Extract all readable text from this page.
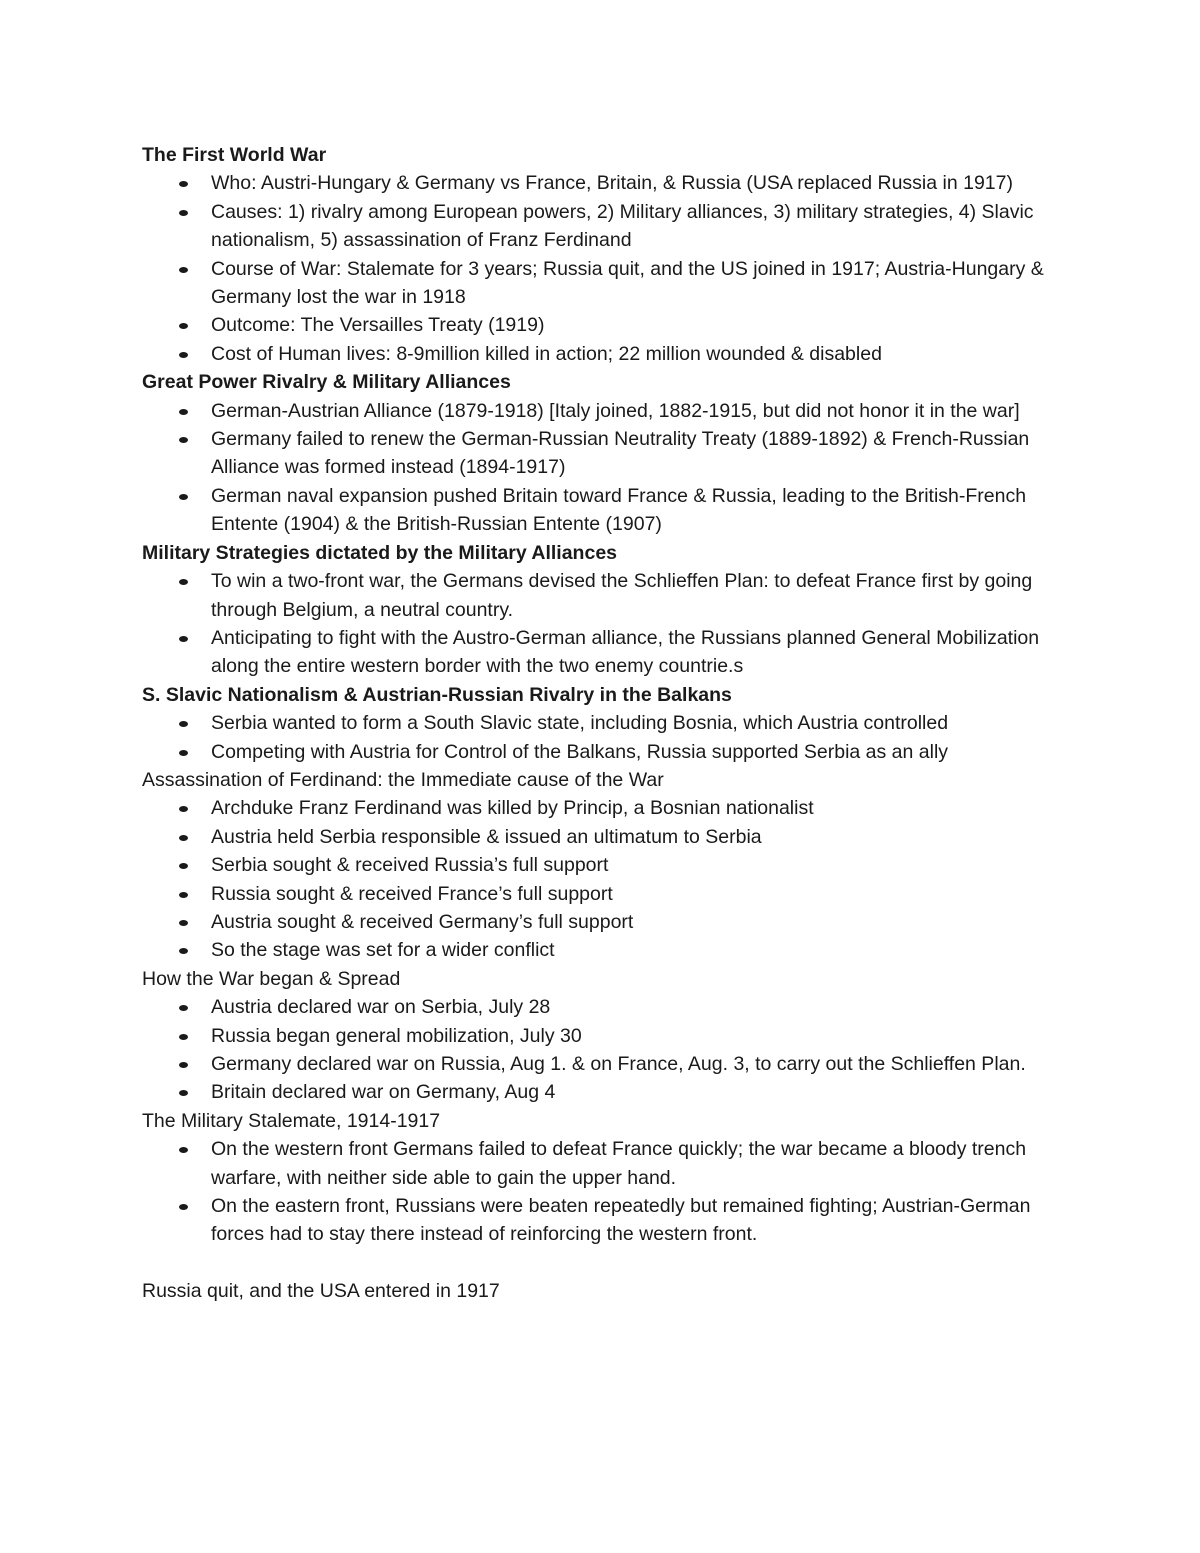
The First World War

Who: Austri-Hungary & Germany vs France, Britain, & Russia (USA replaced Russia in 1917)
Causes: 1) rivalry among European powers, 2) Military alliances, 3) military strategies, 4) Slavic nationalism, 5) assassination of Franz Ferdinand
Course of War: Stalemate for 3 years; Russia quit, and the US joined in 1917; Austria-Hungary & Germany lost the war in 1918
Outcome: The Versailles Treaty (1919)
Cost of Human lives: 8-9million killed in action; 22 million wounded & disabled

Great Power Rivalry & Military Alliances

German-Austrian Alliance (1879-1918) [Italy joined, 1882-1915, but did not honor it in the war]
Germany failed to renew the German-Russian Neutrality Treaty (1889-1892) & French-Russian Alliance was formed instead (1894-1917)
German naval expansion pushed Britain toward France & Russia, leading to the British-French Entente (1904) & the British-Russian Entente (1907)

Military Strategies dictated by the Military Alliances

To win a two-front war, the Germans devised the Schlieffen Plan: to defeat France first by going through Belgium, a neutral country.
Anticipating to fight with the Austro-German alliance, the Russians planned General Mobilization along the entire western border with the two enemy countrie.s

S. Slavic Nationalism & Austrian-Russian Rivalry in the Balkans

Serbia wanted to form a South Slavic state, including Bosnia, which Austria controlled
Competing with Austria for Control of the Balkans, Russia supported Serbia as an ally

Assassination of Ferdinand: the Immediate cause of the War

Archduke Franz Ferdinand was killed by Princip, a Bosnian nationalist
Austria held Serbia responsible & issued an ultimatum to Serbia
Serbia sought & received Russia’s full support
Russia sought & received France’s full support
Austria sought & received Germany’s full support
So the stage was set for a wider conflict

How the War began & Spread

Austria declared war on Serbia, July 28
Russia began general mobilization, July 30
Germany declared war on Russia, Aug 1. & on France, Aug. 3, to carry out the Schlieffen Plan.
Britain declared war on Germany, Aug 4

The Military Stalemate, 1914-1917

On the western front Germans failed to defeat France quickly; the war became a bloody trench warfare, with neither side able to gain the upper hand.
On the eastern front, Russians were beaten repeatedly but remained fighting; Austrian-German forces had to stay there instead of reinforcing the western front.

Russia quit, and the USA entered in 1917
